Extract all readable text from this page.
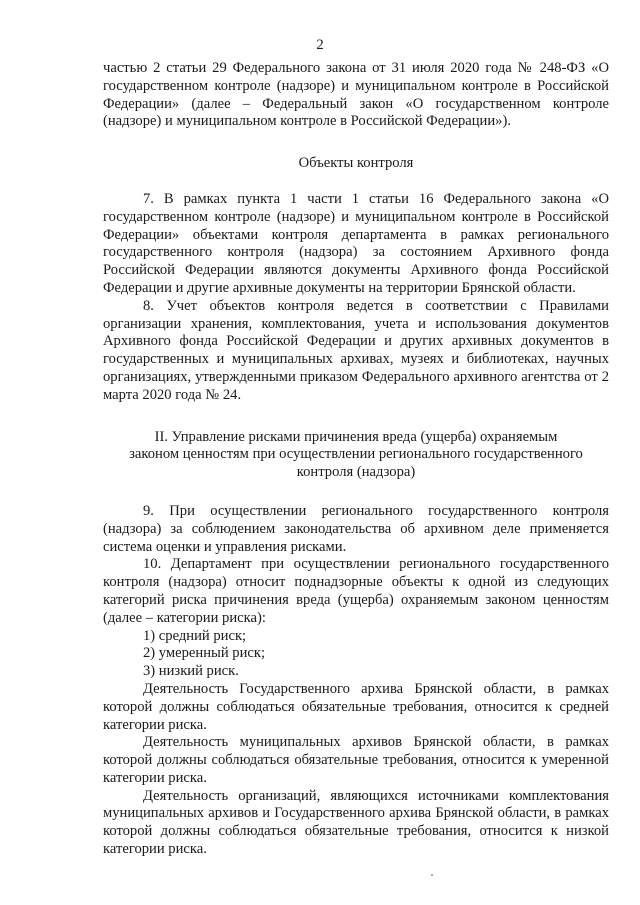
2

частью 2 статьи 29 Федерального закона от 31 июля 2020 года № 248-ФЗ «О государственном контроле (надзоре) и муниципальном контроле в Российской Федерации» (далее – Федеральный закон «О государственном контроле (надзоре) и муниципальном контроле в Российской Федерации»).

Объекты контроля

7. В рамках пункта 1 части 1 статьи 16 Федерального закона «О государственном контроле (надзоре) и муниципальном контроле в Российской Федерации» объектами контроля департамента в рамках регионального государственного контроля (надзора) за состоянием Архивного фонда Российской Федерации являются документы Архивного фонда Российской Федерации и другие архивные документы на территории Брянской области.

8. Учет объектов контроля ведется в соответствии с Правилами организации хранения, комплектования, учета и использования документов Архивного фонда Российской Федерации и других архивных документов в государственных и муниципальных архивах, музеях и библиотеках, научных организациях, утвержденными приказом Федерального архивного агентства от 2 марта 2020 года № 24.

II. Управление рисками причинения вреда (ущерба) охраняемым

законом ценностям при осуществлении регионального государственного

контроля (надзора)

9. При осуществлении регионального государственного контроля (надзора) за соблюдением законодательства об архивном деле применяется система оценки и управления рисками.

10. Департамент при осуществлении регионального государственного контроля (надзора) относит поднадзорные объекты к одной из следующих категорий риска причинения вреда (ущерба) охраняемым законом ценностям (далее – категории риска):

1) средний риск;

2) умеренный риск;

3) низкий риск.

Деятельность Государственного архива Брянской области, в рамках которой должны соблюдаться обязательные требования, относится к средней категории риска.

Деятельность муниципальных архивов Брянской области, в рамках которой должны соблюдаться обязательные требования, относится к умеренной категории риска.

Деятельность организаций, являющихся источниками комплектования муниципальных архивов и Государственного архива Брянской области, в рамках которой должны соблюдаться обязательные требования, относится к низкой категории риска.
